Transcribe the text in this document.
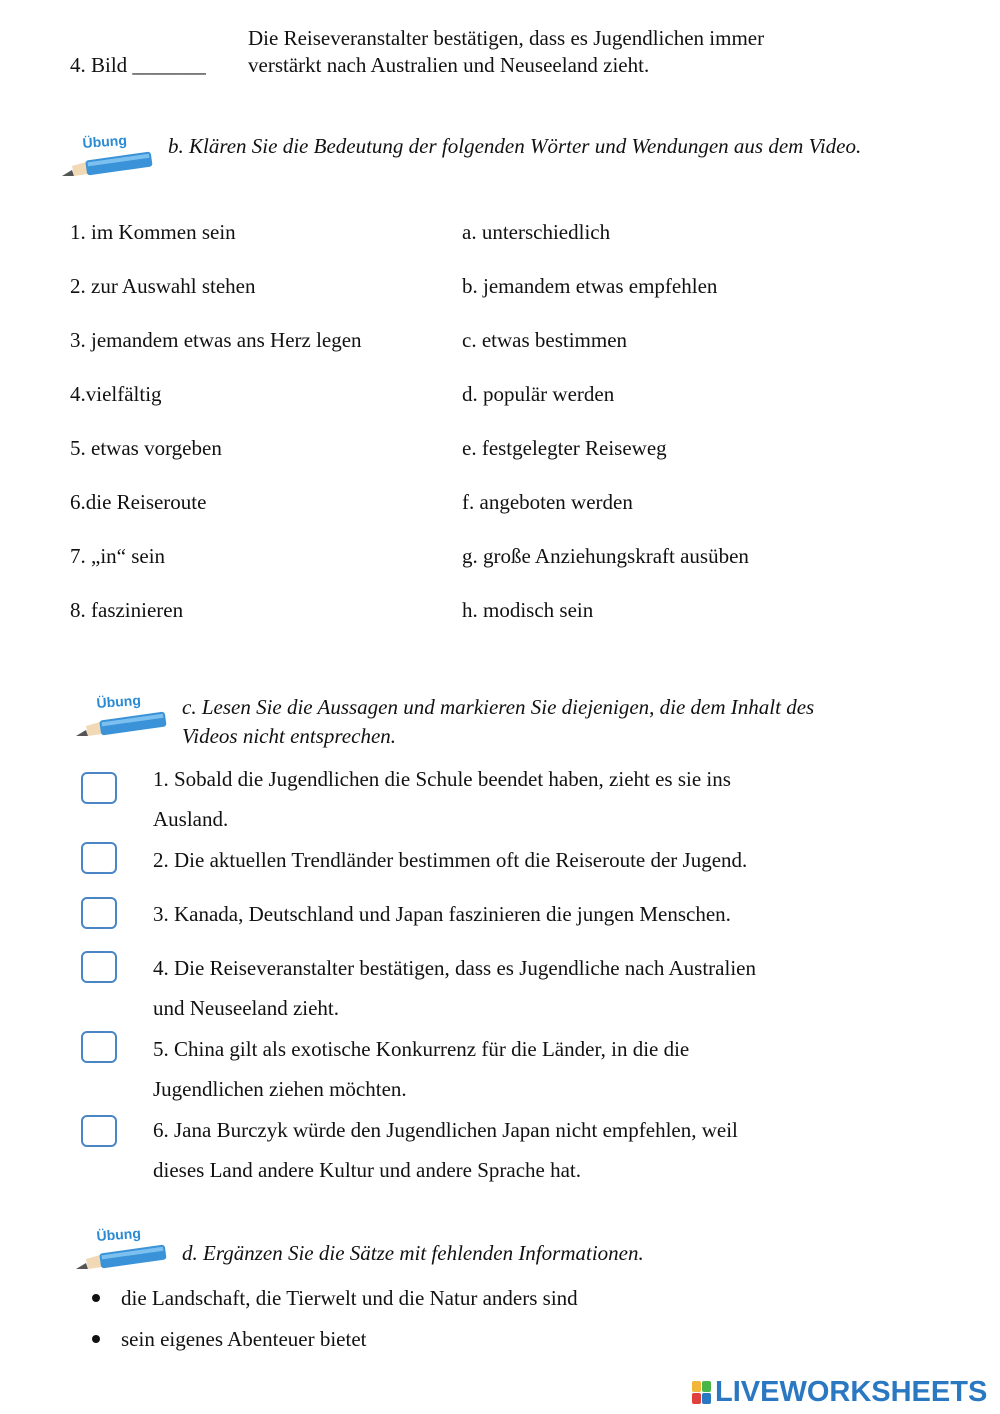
4. Bild _______
Die Reiseveranstalter bestätigen, dass es Jugendlichen immer
verstärkt nach Australien und Neuseeland zieht.
Übung b. Klären Sie die Bedeutung der folgenden Wörter und Wendungen aus dem Video.
1. im Kommen sein
2. zur Auswahl stehen
3. jemandem etwas ans Herz legen
4.vielfältig
5. etwas vorgeben
6.die Reiseroute
7. „in“ sein
8. faszinieren
a. unterschiedlich
b. jemandem etwas empfehlen
c. etwas bestimmen
d. populär werden
e. festgelegter Reiseweg
f. angeboten werden
g. große Anziehungskraft ausüben
h. modisch sein
Übung c. Lesen Sie die Aussagen und markieren Sie diejenigen, die dem Inhalt des
Videos nicht entsprechen.
1. Sobald die Jugendlichen die Schule beendet haben, zieht es sie ins
Ausland.
2. Die aktuellen Trendländer bestimmen oft die Reiseroute der Jugend.
3. Kanada, Deutschland und Japan faszinieren die jungen Menschen.
4. Die Reiseveranstalter bestätigen, dass es Jugendliche nach Australien
und Neuseeland zieht.
5. China gilt als exotische Konkurrenz für die Länder, in die die
Jugendlichen ziehen möchten.
6. Jana Burczyk würde den Jugendlichen Japan nicht empfehlen, weil
dieses Land andere Kultur und andere Sprache hat.
Übung
d. Ergänzen Sie die Sätze mit fehlenden Informationen.
die Landschaft, die Tierwelt und die Natur anders sind
sein eigenes Abenteuer bietet
LIVEWORKSHEETS
